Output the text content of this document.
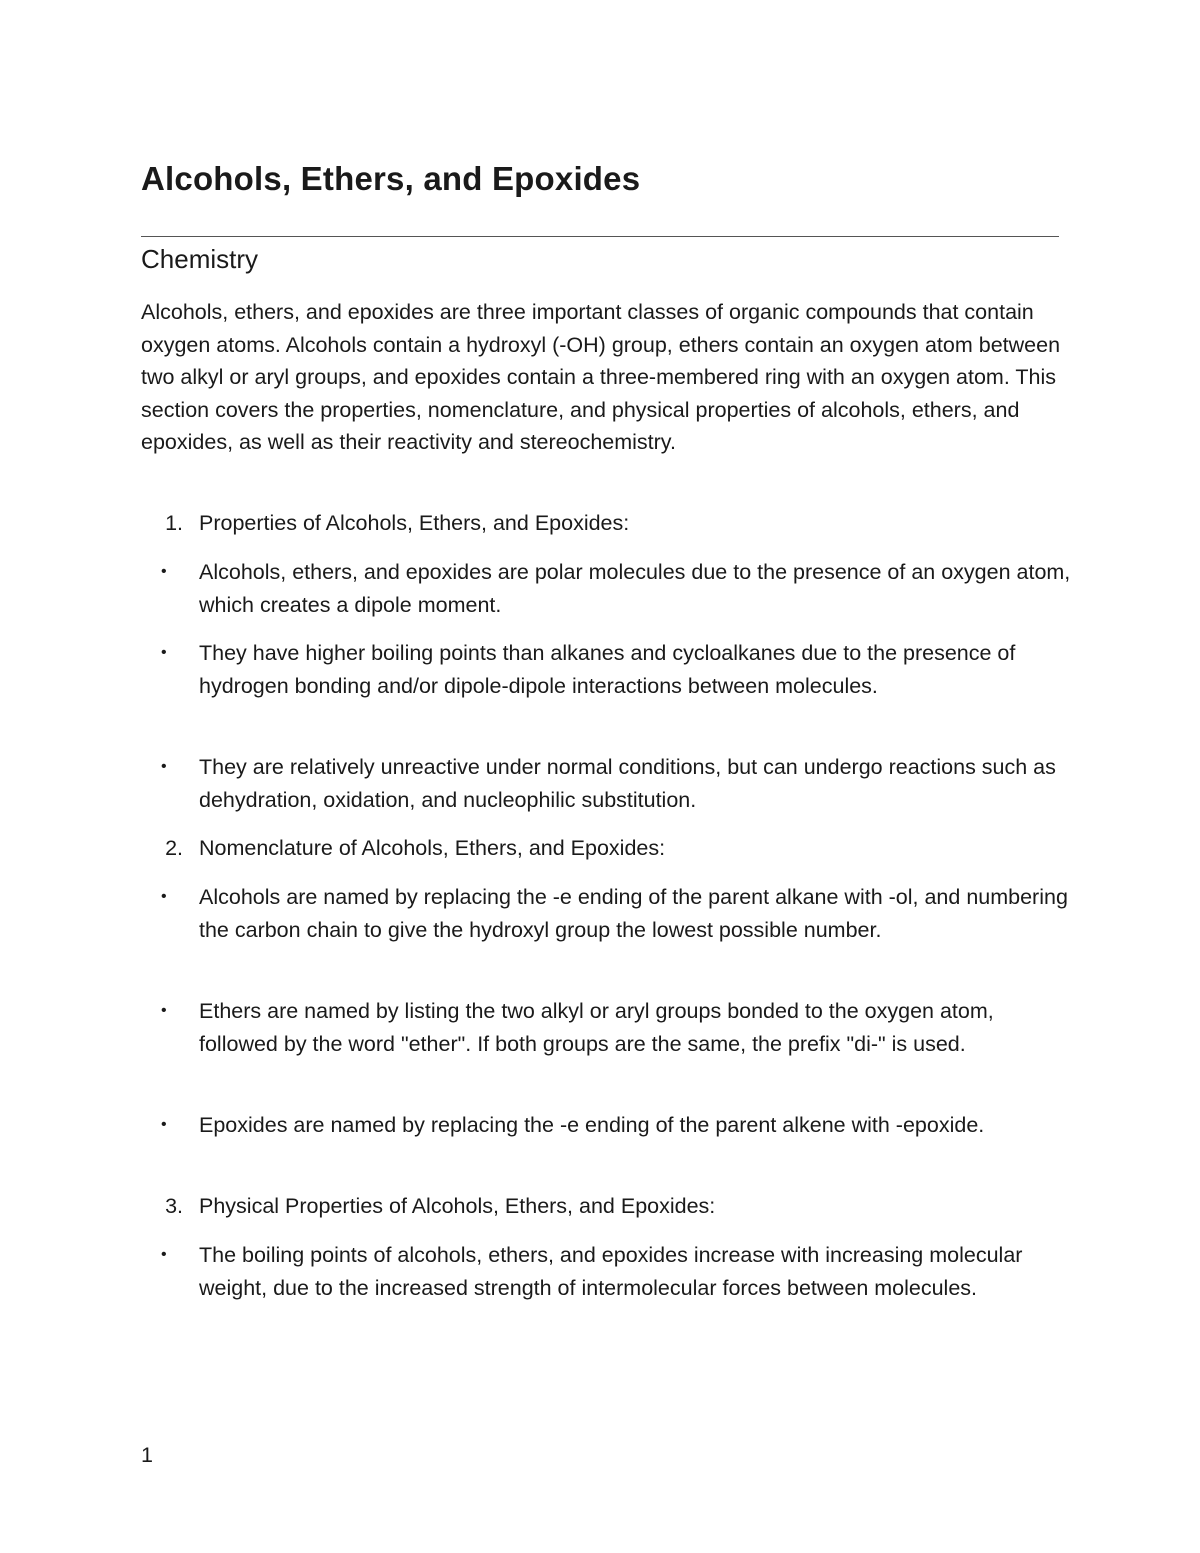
Alcohols, Ethers, and Epoxides
Chemistry

Alcohols, ethers, and epoxides are three important classes of organic compounds that contain oxygen atoms. Alcohols contain a hydroxyl (-OH) group, ethers contain an oxygen atom between two alkyl or aryl groups, and epoxides contain a three-membered ring with an oxygen atom. This section covers the properties, nomenclature, and physical properties of alcohols, ethers, and epoxides, as well as their reactivity and stereochemistry.

1. Properties of Alcohols, Ethers, and Epoxides:
• Alcohols, ethers, and epoxides are polar molecules due to the presence of an oxygen atom, which creates a dipole moment.
• They have higher boiling points than alkanes and cycloalkanes due to the presence of hydrogen bonding and/or dipole-dipole interactions between molecules.
• They are relatively unreactive under normal conditions, but can undergo reactions such as dehydration, oxidation, and nucleophilic substitution.
2. Nomenclature of Alcohols, Ethers, and Epoxides:
• Alcohols are named by replacing the -e ending of the parent alkane with -ol, and numbering the carbon chain to give the hydroxyl group the lowest possible number.
• Ethers are named by listing the two alkyl or aryl groups bonded to the oxygen atom, followed by the word "ether". If both groups are the same, the prefix "di-" is used.
• Epoxides are named by replacing the -e ending of the parent alkene with -epoxide.
3. Physical Properties of Alcohols, Ethers, and Epoxides:
• The boiling points of alcohols, ethers, and epoxides increase with increasing molecular weight, due to the increased strength of intermolecular forces between molecules.
1
